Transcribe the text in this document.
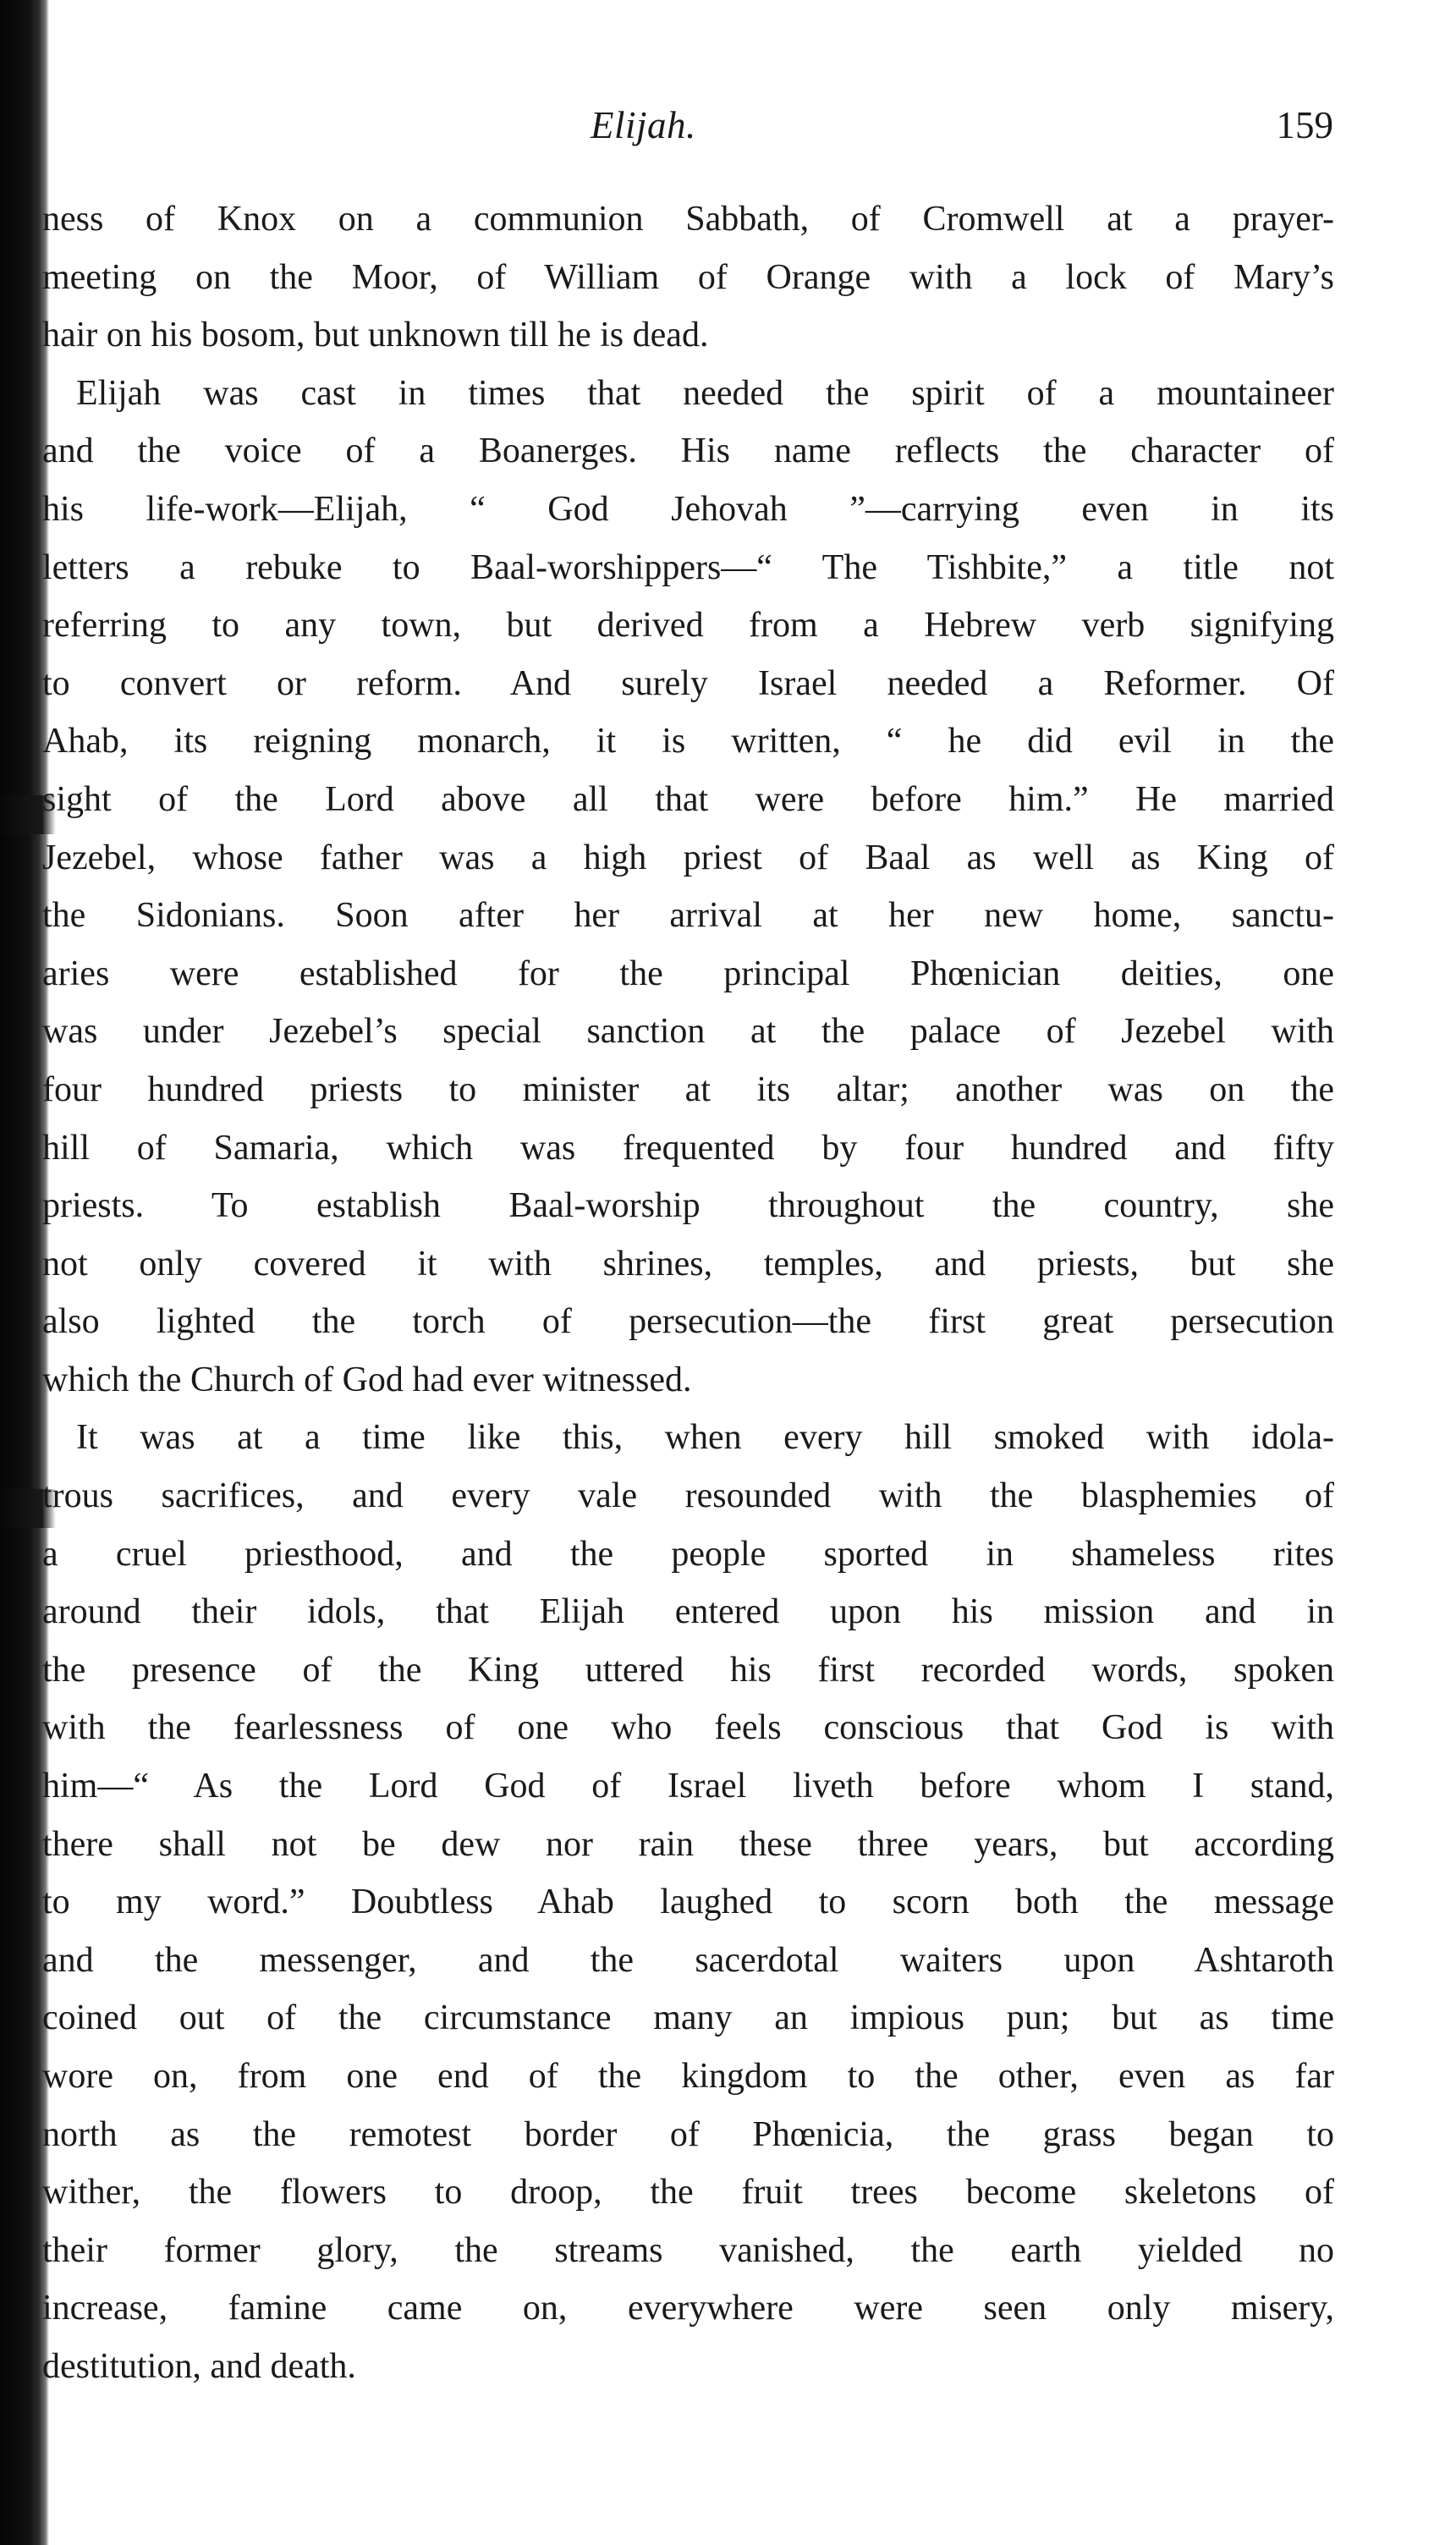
Elijah.	159
ness of Knox on a communion Sabbath, of Cromwell at a prayer-
meeting on the Moor, of William of Orange with a lock of Mary’s
hair on his bosom, but unknown till he is dead.
Elijah was cast in times that needed the spirit of a mountaineer
and the voice of a Boanerges. His name reflects the character of
his life-work—Elijah, “ God Jehovah ”—carrying even in its
letters a rebuke to Baal-worshippers—“ The Tishbite,” a title not
referring to any town, but derived from a Hebrew verb signifying
to convert or reform. And surely Israel needed a Reformer. Of
Ahab, its reigning monarch, it is written, “ he did evil in the
sight of the Lord above all that were before him.” He married
Jezebel, whose father was a high priest of Baal as well as King of
the Sidonians. Soon after her arrival at her new home, sanctu-
aries were established for the principal Phœnician deities, one
was under Jezebel’s special sanction at the palace of Jezebel with
four hundred priests to minister at its altar; another was on the
hill of Samaria, which was frequented by four hundred and fifty
priests. To establish Baal-worship throughout the country, she
not only covered it with shrines, temples, and priests, but she
also lighted the torch of persecution—the first great persecution
which the Church of God had ever witnessed.
It was at a time like this, when every hill smoked with idola-
trous sacrifices, and every vale resounded with the blasphemies of
a cruel priesthood, and the people sported in shameless rites
around their idols, that Elijah entered upon his mission and in
the presence of the King uttered his first recorded words, spoken
with the fearlessness of one who feels conscious that God is with
him—“ As the Lord God of Israel liveth before whom I stand,
there shall not be dew nor rain these three years, but according
to my word.” Doubtless Ahab laughed to scorn both the message
and the messenger, and the sacerdotal waiters upon Ashtaroth
coined out of the circumstance many an impious pun; but as time
wore on, from one end of the kingdom to the other, even as far
north as the remotest border of Phœnicia, the grass began to
wither, the flowers to droop, the fruit trees become skeletons of
their former glory, the streams vanished, the earth yielded no
increase, famine came on, everywhere were seen only misery,
destitution, and death.
